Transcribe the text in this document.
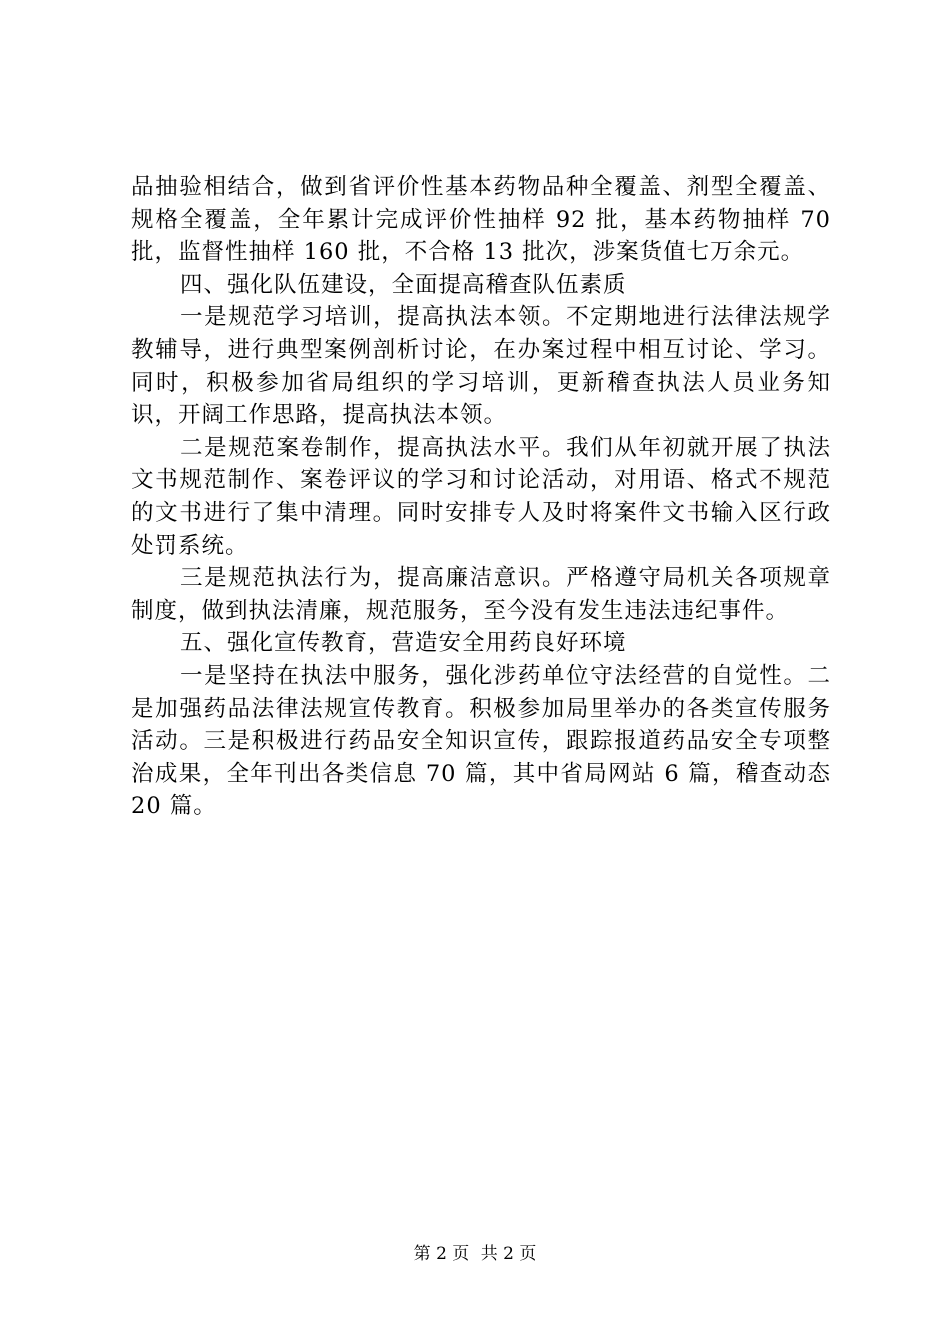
品抽验相结合，做到省评价性基本药物品种全覆盖、剂型全覆盖、规格全覆盖，全年累计完成评价性抽样 92 批，基本药物抽样 70 批，监督性抽样 160 批，不合格 13 批次，涉案货值七万余元。

四、强化队伍建设，全面提高稽查队伍素质

一是规范学习培训，提高执法本领。不定期地进行法律法规学教辅导，进行典型案例剖析讨论，在办案过程中相互讨论、学习。同时，积极参加省局组织的学习培训，更新稽查执法人员业务知识，开阔工作思路，提高执法本领。

二是规范案卷制作，提高执法水平。我们从年初就开展了执法文书规范制作、案卷评议的学习和讨论活动，对用语、格式不规范的文书进行了集中清理。同时安排专人及时将案件文书输入区行政处罚系统。

三是规范执法行为，提高廉洁意识。严格遵守局机关各项规章制度，做到执法清廉，规范服务，至今没有发生违法违纪事件。

五、强化宣传教育，营造安全用药良好环境

一是坚持在执法中服务，强化涉药单位守法经营的自觉性。二是加强药品法律法规宣传教育。积极参加局里举办的各类宣传服务活动。三是积极进行药品安全知识宣传，跟踪报道药品安全专项整治成果，全年刊出各类信息 70 篇，其中省局网站 6 篇，稽查动态 20 篇。

第 2 页 共 2 页
